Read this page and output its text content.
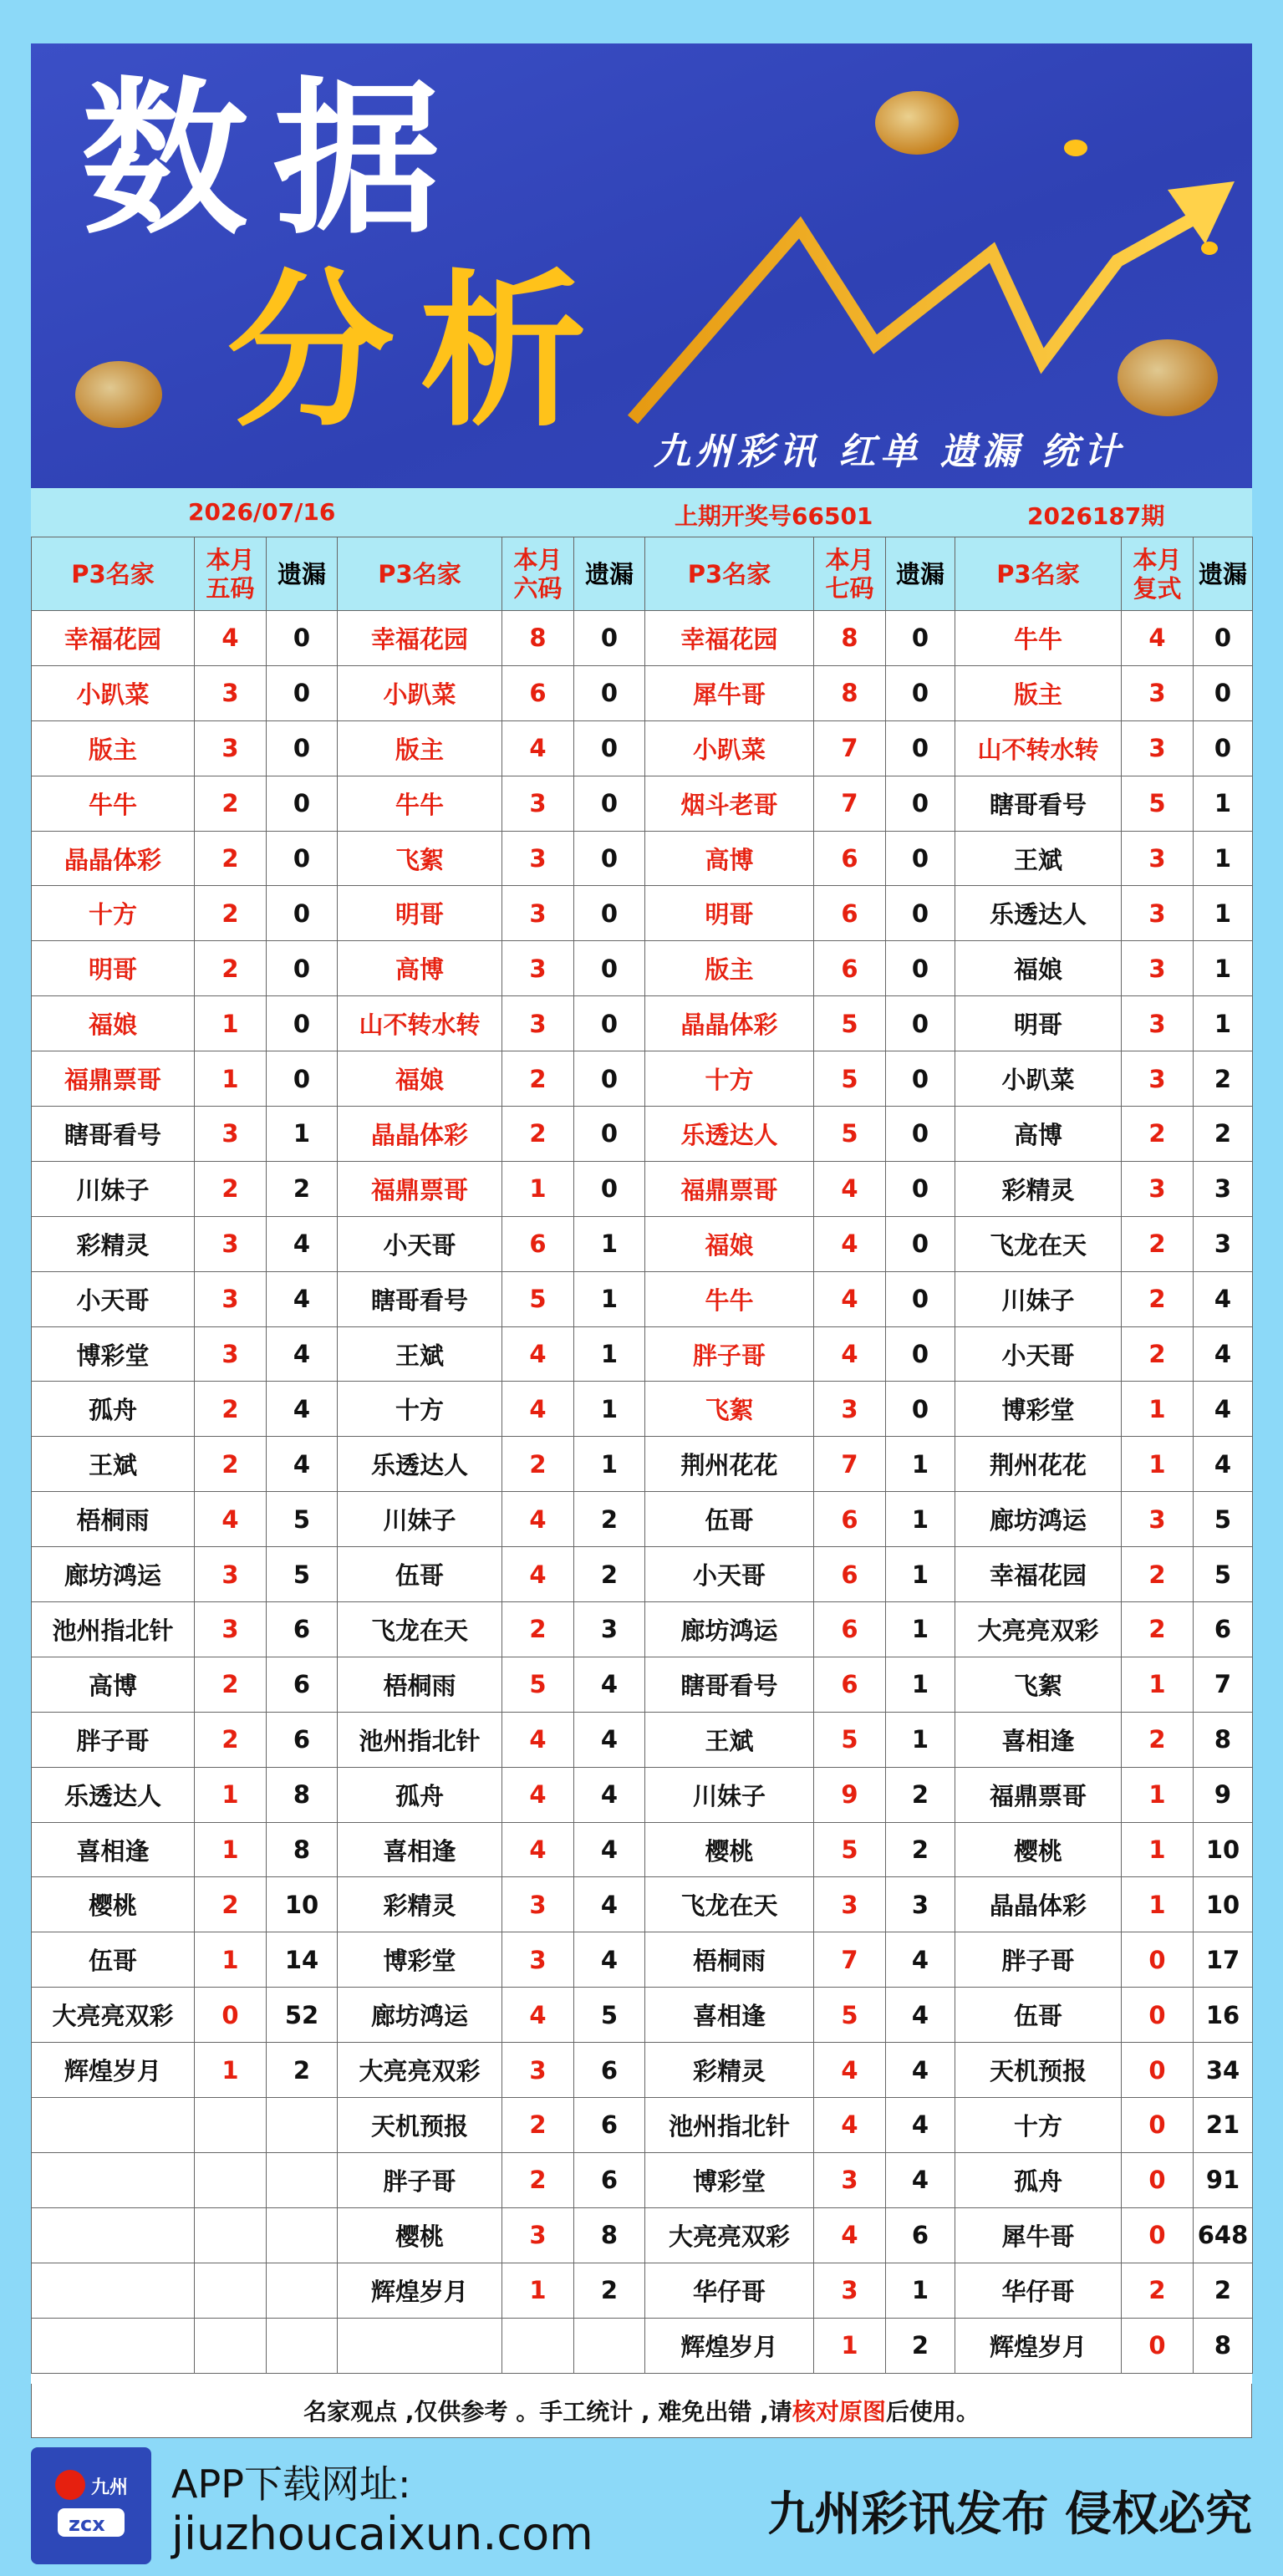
数据
分析
九州彩讯 红单 遗漏 统计
2026/07/16	上期开奖号66501	2026187期
P3名家	本月五码	遗漏	P3名家	本月六码	遗漏	P3名家	本月七码	遗漏	P3名家	本月复式	遗漏
幸福花园	4	0	幸福花园	8	0	幸福花园	8	0	牛牛	4	0
小趴菜	3	0	小趴菜	6	0	犀牛哥	8	0	版主	3	0
版主	3	0	版主	4	0	小趴菜	7	0	山不转水转	3	0
牛牛	2	0	牛牛	3	0	烟斗老哥	7	0	瞎哥看号	5	1
晶晶体彩	2	0	飞絮	3	0	高博	6	0	王斌	3	1
十方	2	0	明哥	3	0	明哥	6	0	乐透达人	3	1
明哥	2	0	高博	3	0	版主	6	0	福娘	3	1
福娘	1	0	山不转水转	3	0	晶晶体彩	5	0	明哥	3	1
福鼎票哥	1	0	福娘	2	0	十方	5	0	小趴菜	3	2
瞎哥看号	3	1	晶晶体彩	2	0	乐透达人	5	0	高博	2	2
川妹子	2	2	福鼎票哥	1	0	福鼎票哥	4	0	彩精灵	3	3
彩精灵	3	4	小天哥	6	1	福娘	4	0	飞龙在天	2	3
小天哥	3	4	瞎哥看号	5	1	牛牛	4	0	川妹子	2	4
博彩堂	3	4	王斌	4	1	胖子哥	4	0	小天哥	2	4
孤舟	2	4	十方	4	1	飞絮	3	0	博彩堂	1	4
王斌	2	4	乐透达人	2	1	荆州花花	7	1	荆州花花	1	4
梧桐雨	4	5	川妹子	4	2	伍哥	6	1	廊坊鸿运	3	5
廊坊鸿运	3	5	伍哥	4	2	小天哥	6	1	幸福花园	2	5
池州指北针	3	6	飞龙在天	2	3	廊坊鸿运	6	1	大亮亮双彩	2	6
高博	2	6	梧桐雨	5	4	瞎哥看号	6	1	飞絮	1	7
胖子哥	2	6	池州指北针	4	4	王斌	5	1	喜相逢	2	8
乐透达人	1	8	孤舟	4	4	川妹子	9	2	福鼎票哥	1	9
喜相逢	1	8	喜相逢	4	4	樱桃	5	2	樱桃	1	10
樱桃	2	10	彩精灵	3	4	飞龙在天	3	3	晶晶体彩	1	10
伍哥	1	14	博彩堂	3	4	梧桐雨	7	4	胖子哥	0	17
大亮亮双彩	0	52	廊坊鸿运	4	5	喜相逢	5	4	伍哥	0	16
辉煌岁月	1	2	大亮亮双彩	3	6	彩精灵	4	4	天机预报	0	34
			天机预报	2	6	池州指北针	4	4	十方	0	21
			胖子哥	2	6	博彩堂	3	4	孤舟	0	91
			樱桃	3	8	大亮亮双彩	4	6	犀牛哥	0	648
			辉煌岁月	1	2	华仔哥	3	1	华仔哥	2	2
						辉煌岁月	1	2	辉煌岁月	0	8
名家观点 ,仅供参考 。手工统计 , 难免出错 ,请 核对原图 后使用。
九州
zcx
APP下载网址:
jiuzhoucaixun.com	九州彩讯发布 侵权必究
